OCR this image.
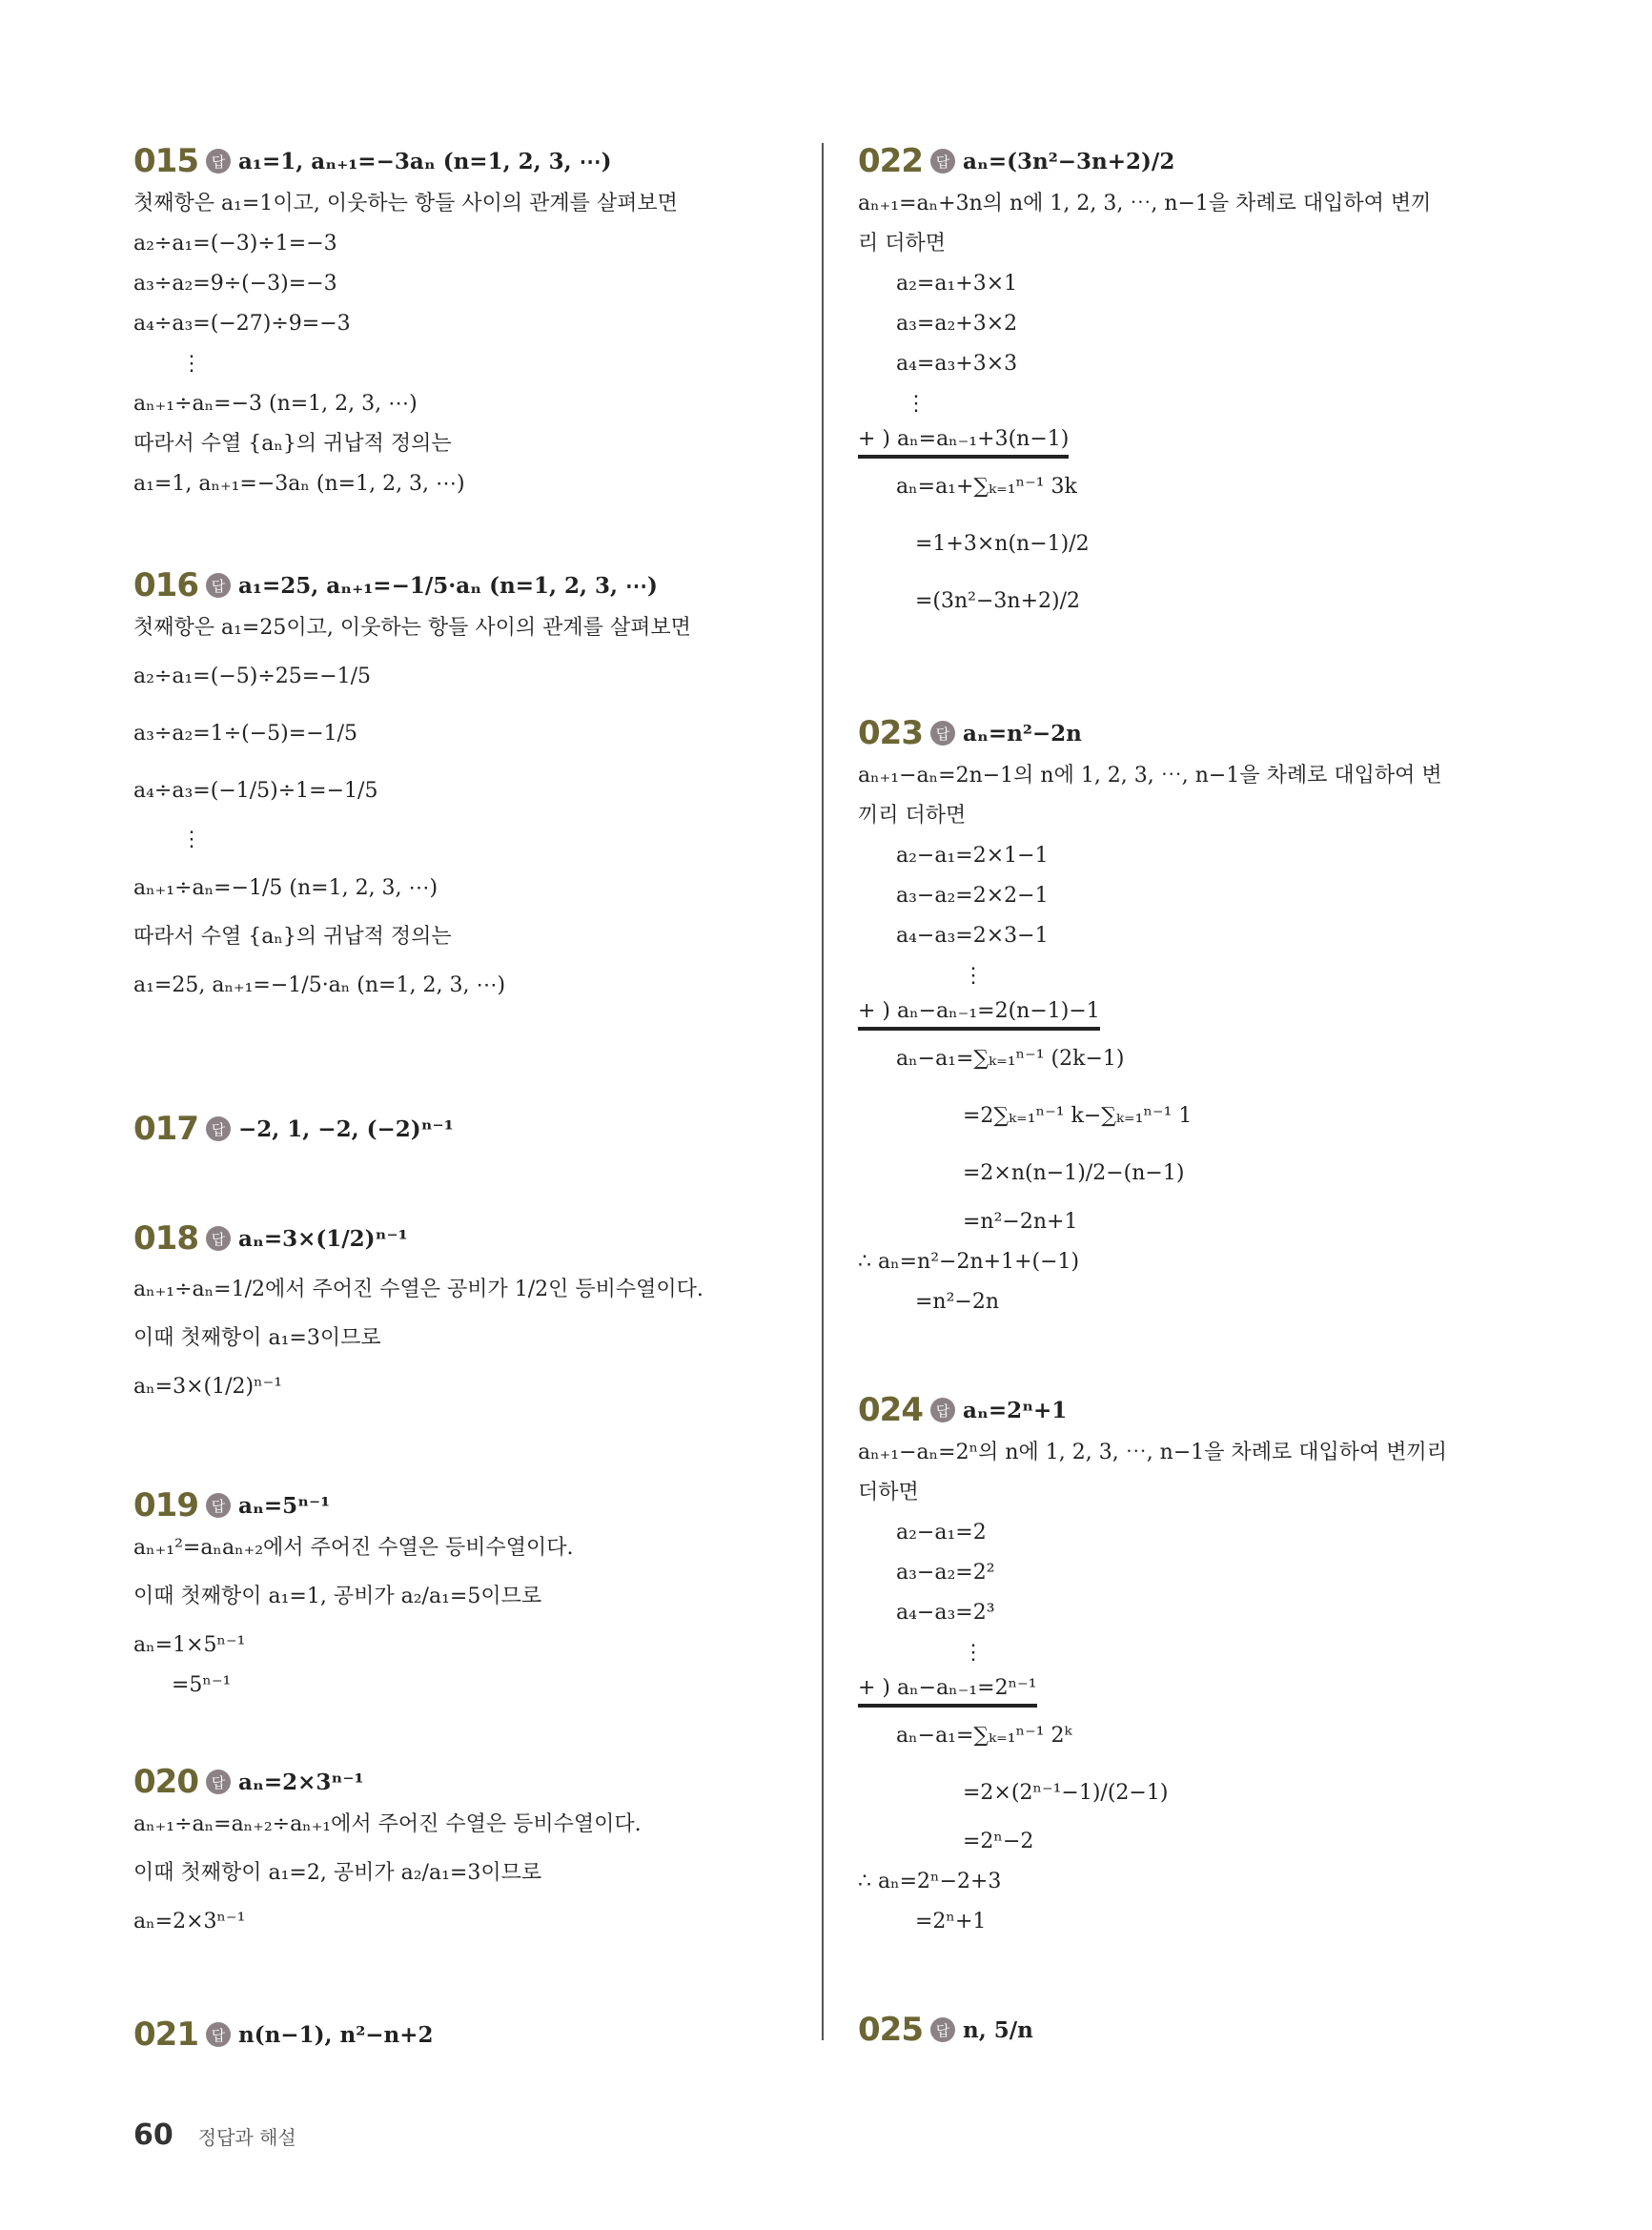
015 답 a₁=1, aₙ₊₁=−3aₙ (n=1, 2, 3, ⋯)
첫째항은 a₁=1이고, 이웃하는 항들 사이의 관계를 살펴보면
a₂÷a₁=(−3)÷1=−3
a₃÷a₂=9÷(−3)=−3
a₄÷a₃=(−27)÷9=−3
⋮
aₙ₊₁÷aₙ=−3 (n=1, 2, 3, ⋯)
따라서 수열 {aₙ}의 귀납적 정의는
a₁=1, aₙ₊₁=−3aₙ (n=1, 2, 3, ⋯)
016 답 a₁=25, aₙ₊₁=−1/5·aₙ (n=1, 2, 3, ⋯)
첫째항은 a₁=25이고, 이웃하는 항들 사이의 관계를 살펴보면
a₂÷a₁=(−5)÷25=−1/5
a₃÷a₂=1÷(−5)=−1/5
a₄÷a₃=(−1/5)÷1=−1/5
⋮
aₙ₊₁÷aₙ=−1/5 (n=1, 2, 3, ⋯)
따라서 수열 {aₙ}의 귀납적 정의는
a₁=25, aₙ₊₁=−1/5·aₙ (n=1, 2, 3, ⋯)
017 답 −2, 1, −2, (−2)ⁿ⁻¹
018 답 aₙ=3×(1/2)ⁿ⁻¹
aₙ₊₁÷aₙ=1/2에서 주어진 수열은 공비가 1/2인 등비수열이다.
이때 첫째항이 a₁=3이므로
aₙ=3×(1/2)ⁿ⁻¹
019 답 aₙ=5ⁿ⁻¹
aₙ₊₁²=aₙaₙ₊₂에서 주어진 수열은 등비수열이다.
이때 첫째항이 a₁=1, 공비가 a₂/a₁=5이므로
aₙ=1×5ⁿ⁻¹
=5ⁿ⁻¹
020 답 aₙ=2×3ⁿ⁻¹
aₙ₊₁÷aₙ=aₙ₊₂÷aₙ₊₁에서 주어진 수열은 등비수열이다.
이때 첫째항이 a₁=2, 공비가 a₂/a₁=3이므로
aₙ=2×3ⁿ⁻¹
021 답 n(n−1), n²−n+2
022 답 aₙ=(3n²−3n+2)/2
aₙ₊₁=aₙ+3n의 n에 1, 2, 3, ⋯, n−1을 차례로 대입하여 변끼
리 더하면
a₂=a₁+3×1
a₃=a₂+3×2
a₄=a₃+3×3
⋮
+ ) aₙ=aₙ₋₁+3(n−1)
aₙ=a₁+∑ₖ₌₁ⁿ⁻¹ 3k
=1+3×n(n−1)/2
=(3n²−3n+2)/2
023 답 aₙ=n²−2n
aₙ₊₁−aₙ=2n−1의 n에 1, 2, 3, ⋯, n−1을 차례로 대입하여 변
끼리 더하면
a₂−a₁=2×1−1
a₃−a₂=2×2−1
a₄−a₃=2×3−1
⋮
+ ) aₙ−aₙ₋₁=2(n−1)−1
aₙ−a₁=∑ₖ₌₁ⁿ⁻¹ (2k−1)
=2∑ₖ₌₁ⁿ⁻¹ k−∑ₖ₌₁ⁿ⁻¹ 1
=2×n(n−1)/2−(n−1)
=n²−2n+1
∴ aₙ=n²−2n+1+(−1)
=n²−2n
024 답 aₙ=2ⁿ+1
aₙ₊₁−aₙ=2ⁿ의 n에 1, 2, 3, ⋯, n−1을 차례로 대입하여 변끼리
더하면
a₂−a₁=2
a₃−a₂=2²
a₄−a₃=2³
⋮
+ ) aₙ−aₙ₋₁=2ⁿ⁻¹
aₙ−a₁=∑ₖ₌₁ⁿ⁻¹ 2ᵏ
=2×(2ⁿ⁻¹−1)/(2−1)
=2ⁿ−2
∴ aₙ=2ⁿ−2+3
=2ⁿ+1
025 답 n, 5/n
60 정답과 해설
